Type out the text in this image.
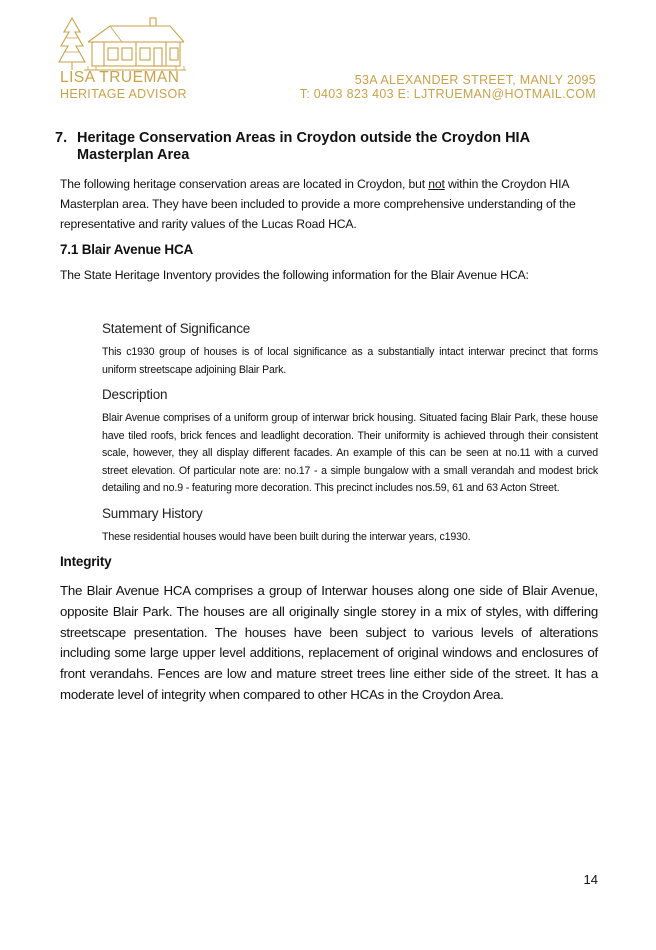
LISA TRUEMAN
HERITAGE ADVISOR
53A ALEXANDER STREET, MANLY 2095
T: 0403 823 403 E: LJTRUEMAN@HOTMAIL.COM
7. Heritage Conservation Areas in Croydon outside the Croydon HIA Masterplan Area

The following heritage conservation areas are located in Croydon, but not within the Croydon HIA Masterplan area. They have been included to provide a more comprehensive understanding of the representative and rarity values of the Lucas Road HCA.

7.1 Blair Avenue HCA

The State Heritage Inventory provides the following information for the Blair Avenue HCA:

Statement of Significance

This c1930 group of houses is of local significance as a substantially intact interwar precinct that forms uniform streetscape adjoining Blair Park.

Description

Blair Avenue comprises of a uniform group of interwar brick housing. Situated facing Blair Park, these house have tiled roofs, brick fences and leadlight decoration. Their uniformity is achieved through their consistent scale, however, they all display different facades. An example of this can be seen at no.11 with a curved street elevation. Of particular note are: no.17 - a simple bungalow with a small verandah and modest brick detailing and no.9 - featuring more decoration. This precinct includes nos.59, 61 and 63 Acton Street.

Summary History

These residential houses would have been built during the interwar years, c1930.

Integrity

The Blair Avenue HCA comprises a group of Interwar houses along one side of Blair Avenue, opposite Blair Park. The houses are all originally single storey in a mix of styles, with differing streetscape presentation. The houses have been subject to various levels of alterations including some large upper level additions, replacement of original windows and enclosures of front verandahs. Fences are low and mature street trees line either side of the street. It has a moderate level of integrity when compared to other HCAs in the Croydon Area.

14
